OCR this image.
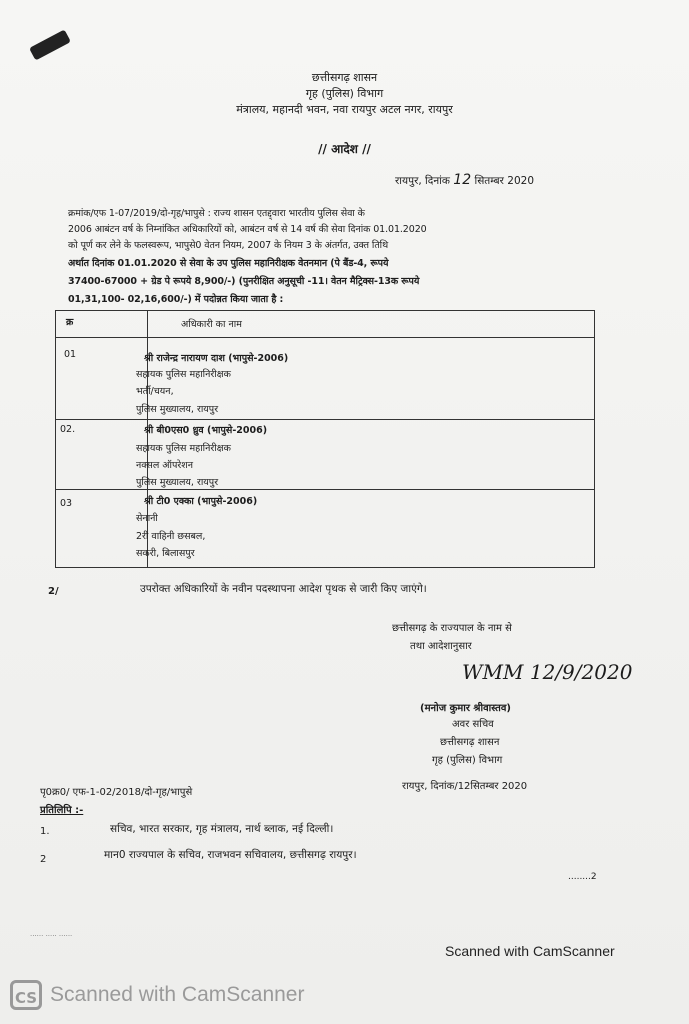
छत्तीसगढ़ शासन
गृह (पुलिस) विभाग
मंत्रालय, महानदी भवन, नवा रायपुर अटल नगर, रायपुर
// आदेश //
रायपुर, दिनांक 12 सितम्बर 2020
क्रमांक/एफ 1-07/2019/दो-गृह/भापुसे : राज्य शासन एतद्द्वारा भारतीय पुलिस सेवा के
2006 आबंटन वर्ष के निम्नांकित अधिकारियों को, आबंटन वर्ष से 14 वर्ष की सेवा दिनांक 01.01.2020
को पूर्ण कर लेने के फलस्वरूप, भापुसे0 वेतन नियम, 2007 के नियम 3 के अंतर्गत, उक्त तिथि
अर्थात दिनांक 01.01.2020 से सेवा के उप पुलिस महानिरीक्षक वेतनमान (पे बैंड-4, रूपये
37400-67000 + ग्रेड पे रूपये 8,900/-) (पुनरीक्षित अनुसूची -11। वेतन मैट्रिक्स-13क रूपये
01,31,100- 02,16,600/-) में पदोन्नत किया जाता है :
क्र	अधिकारी का नाम
01	श्री राजेन्द्र नारायण दाश (भापुसे-2006)
सहायक पुलिस महानिरीक्षक
भर्ती/चयन,
पुलिस मुख्यालय, रायपुर
02.	श्री बी0एस0 ध्रुव (भापुसे-2006)
सहायक पुलिस महानिरीक्षक
नक्सल ऑपरेशन
पुलिस मुख्यालय, रायपुर
03	श्री टी0 एक्का (भापुसे-2006)
सेनानी
2री वाहिनी छसबल,
सकरी, बिलासपुर
2/	उपरोक्त अधिकारियों के नवीन पदस्थापना आदेश पृथक से जारी किए जाएंगे।
छत्तीसगढ़ के राज्यपाल के नाम से
तथा आदेशानुसार
WMM 12/9/2020
(मनोज कुमार श्रीवास्तव)
अवर सचिव
छत्तीसगढ़ शासन
गृह (पुलिस) विभाग
पृ0क्र0/ एफ-1-02/2018/दो-गृह/भापुसे
रायपुर, दिनांक/12सितम्बर 2020
प्रतिलिपि :-
1.	सचिव, भारत सरकार, गृह मंत्रालय, नार्थ ब्लाक, नई दिल्ली।
2	मान0 राज्यपाल के सचिव, राजभवन सचिवालय, छत्तीसगढ़ रायपुर।
........2
...... ..... ......
Scanned with CamScanner
CS Scanned with CamScanner
